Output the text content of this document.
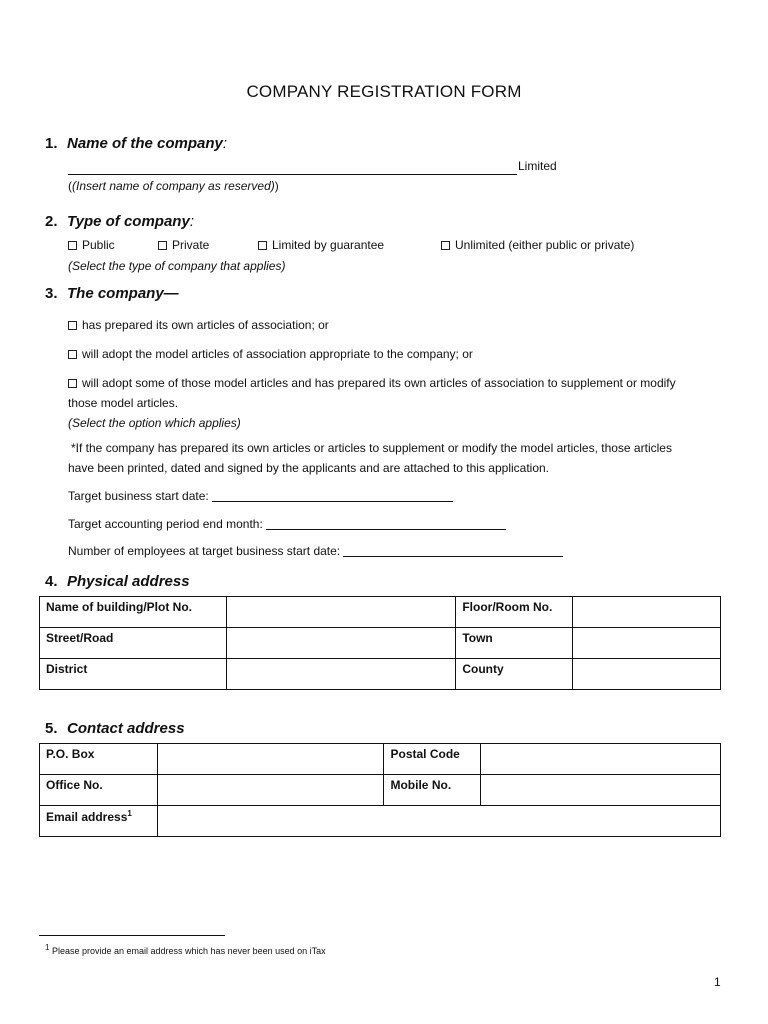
COMPANY REGISTRATION FORM
1. Name of the company:
Limited
((Insert name of company as reserved))
2. Type of company:
Public	Private	Limited by guarantee	Unlimited (either public or private)
(Select the type of company that applies)
3. The company—
has prepared its own articles of association; or
will adopt the model articles of association appropriate to the company; or
will adopt some of those model articles and has prepared its own articles of association to supplement or modify
those model articles.
(Select the option which applies)
*If the company has prepared its own articles or articles to supplement or modify the model articles, those articles
have been printed, dated and signed by the applicants and are attached to this application.
Target business start date:
Target accounting period end month:
Number of employees at target business start date:
4. Physical address
Name of building/Plot No.		Floor/Room No.	
Street/Road		Town	
District		County	
5. Contact address
P.O. Box		Postal Code	
Office No.		Mobile No.	
Email address$^1$	
$^1$ Please provide an email address which has never been used on iTax
1
